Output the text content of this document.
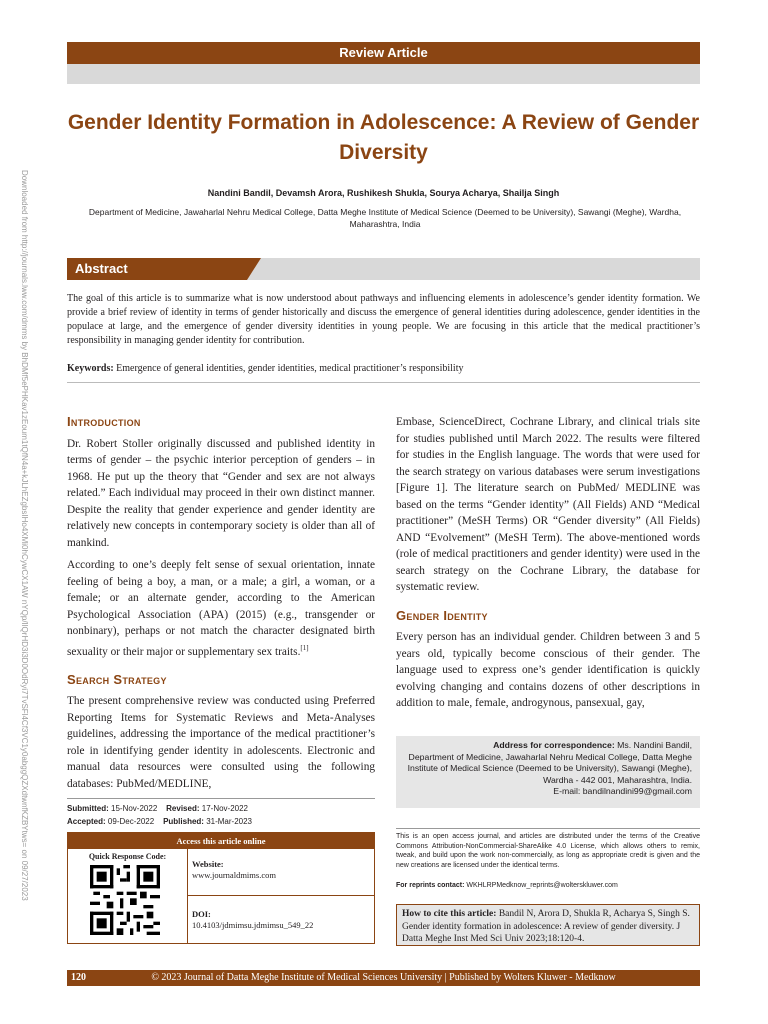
Downloaded from http://journals.lww.com/dmms by BhDMf5ePHKav1zEoum1tQfN4a+kJLhEZgbsIHo4XMi0hCywCX1AW nYQp/IlQrHD3i3D0OdRyi7TvSFl4Cf3VC1y0abggQZXdtwnfKZBYtws= on 09/27/2023
Review Article
Gender Identity Formation in Adolescence: A Review of Gender Diversity
Nandini Bandil, Devamsh Arora, Rushikesh Shukla, Sourya Acharya, Shailja Singh
Department of Medicine, Jawaharlal Nehru Medical College, Datta Meghe Institute of Medical Science (Deemed to be University), Sawangi (Meghe), Wardha, Maharashtra, India
Abstract
The goal of this article is to summarize what is now understood about pathways and influencing elements in adolescence’s gender identity formation. We provide a brief review of identity in terms of gender historically and discuss the emergence of general identities during adolescence, gender identities in the populace at large, and the emergence of gender diversity identities in young people. We are focusing in this article that the medical practitioner’s responsibility in managing gender identity for contribution.
Keywords: Emergence of general identities, gender identities, medical practitioner’s responsibility
Introduction

Dr. Robert Stoller originally discussed and published identity in terms of gender – the psychic interior perception of genders – in 1968. He put up the theory that “Gender and sex are not always related.” Each individual may proceed in their own distinct manner. Despite the reality that gender experience and gender identity are relatively new concepts in contemporary society is older than all of mankind.

According to one’s deeply felt sense of sexual orientation, innate feeling of being a boy, a man, or a male; a girl, a woman, or a female; or an alternate gender, according to the American Psychological Association (APA) (2015) (e.g., transgender or nonbinary), perhaps or not match the character designated birth sexuality or their major or supplementary sex traits.[1]

Search Strategy

The present comprehensive review was conducted using Preferred Reporting Items for Systematic Reviews and Meta-Analyses guidelines, addressing the importance of the medical practitioner’s role in identifying gender identity in adolescents. Electronic and manual data resources were consulted using the following databases: PubMed/MEDLINE,

Embase, ScienceDirect, Cochrane Library, and clinical trials site for studies published until March 2022. The results were filtered for studies in the English language. The words that were used for the search strategy on various databases were serum investigations [Figure 1]. The literature search on PubMed/ MEDLINE was based on the terms “Gender identity” (All Fields) AND “Medical practitioner” (MeSH Terms) OR “Gender diversity” (All Fields) AND “Evolvement” (MeSH Term). The above-mentioned words (role of medical practitioners and gender identity) were used in the search strategy on the Cochrane Library, the database for systematic review.

Gender Identity

Every person has an individual gender. Children between 3 and 5 years old, typically become conscious of their gender. The language used to express one’s gender identification is quickly evolving changing and contains dozens of other descriptions in addition to male, female, androgynous, pansexual, gay,

Address for correspondence: Ms. Nandini Bandil,
Department of Medicine, Jawaharlal Nehru Medical College, Datta Meghe
Institute of Medical Science (Deemed to be University), Sawangi (Meghe),
Wardha - 442 001, Maharashtra, India.
E-mail: bandilnandini99@gmail.com
Submitted: 15-Nov-2022 Revised: 17-Nov-2022
Accepted: 09-Dec-2022 Published: 31-Mar-2023
Access this article online
Quick Response Code:
Website:
www.journaldmims.com
DOI:
10.4103/jdmimsu.jdmimsu_549_22
This is an open access journal, and articles are distributed under the terms of the Creative Commons Attribution-NonCommercial-ShareAlike 4.0 License, which allows others to remix, tweak, and build upon the work non-commercially, as long as appropriate credit is given and the new creations are licensed under the identical terms.
For reprints contact: WKHLRPMedknow_reprints@wolterskluwer.com
How to cite this article: Bandil N, Arora D, Shukla R, Acharya S, Singh S. Gender identity formation in adolescence: A review of gender diversity. J Datta Meghe Inst Med Sci Univ 2023;18:120-4.
© 2023 Journal of Datta Meghe Institute of Medical Sciences University | Published by Wolters Kluwer - Medknow
120
